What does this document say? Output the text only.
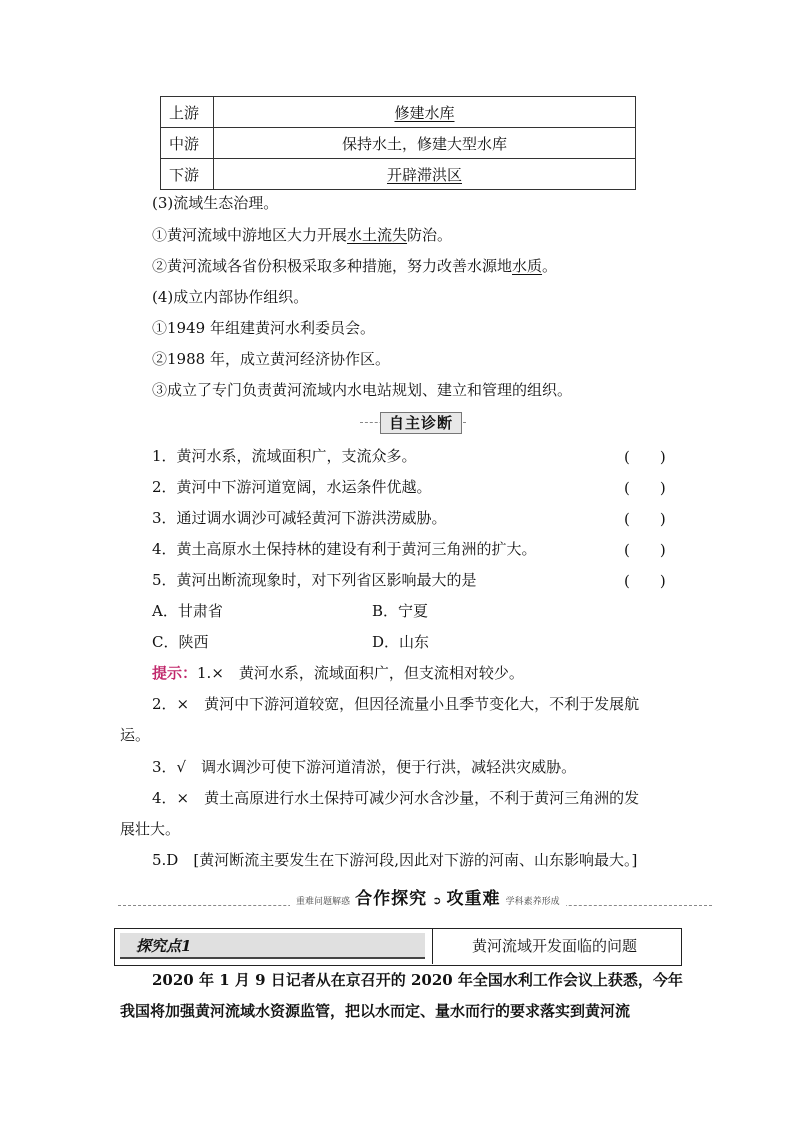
上游	修建水库
中游	保持水土，修建大型水库
下游	开辟滞洪区
(3)流域生态治理。
①黄河流域中游地区大力开展水土流失防治。
②黄河流域各省份积极采取多种措施，努力改善水源地水质。
(4)成立内部协作组织。
①1949 年组建黄河水利委员会。
②1988 年，成立黄河经济协作区。
③成立了专门负责黄河流域内水电站规划、建立和管理的组织。
自主诊断
1．黄河水系，流域面积广，支流众多。	(　　)
2．黄河中下游河道宽阔，水运条件优越。	(　　)
3．通过调水调沙可减轻黄河下游洪涝威胁。	(　　)
4．黄土高原水土保持林的建设有利于黄河三角洲的扩大。	(　　)
5．黄河出断流现象时，对下列省区影响最大的是	(　　)
A．甘肃省	B．宁夏
C．陕西	D．山东
提示：1.×　黄河水系，流域面积广，但支流相对较少。
2．×　黄河中下游河道较宽，但因径流量小且季节变化大，不利于发展航
运。
3．√　调水调沙可使下游河道清淤，便于行洪，减轻洪灾威胁。
4．×　黄土高原进行水土保持可减少河水含沙量，不利于黄河三角洲的发
展壮大。
5.D　[黄河断流主要发生在下游河段,因此对下游的河南、山东影响最大。]
重难问题解惑 合作探究 ➲ 攻重难 学科素养形成
探究点1	黄河流域开发面临的问题
2020 年 1 月 9 日记者从在京召开的 2020 年全国水利工作会议上获悉，今年
我国将加强黄河流域水资源监管，把以水而定、量水而行的要求落实到黄河流
